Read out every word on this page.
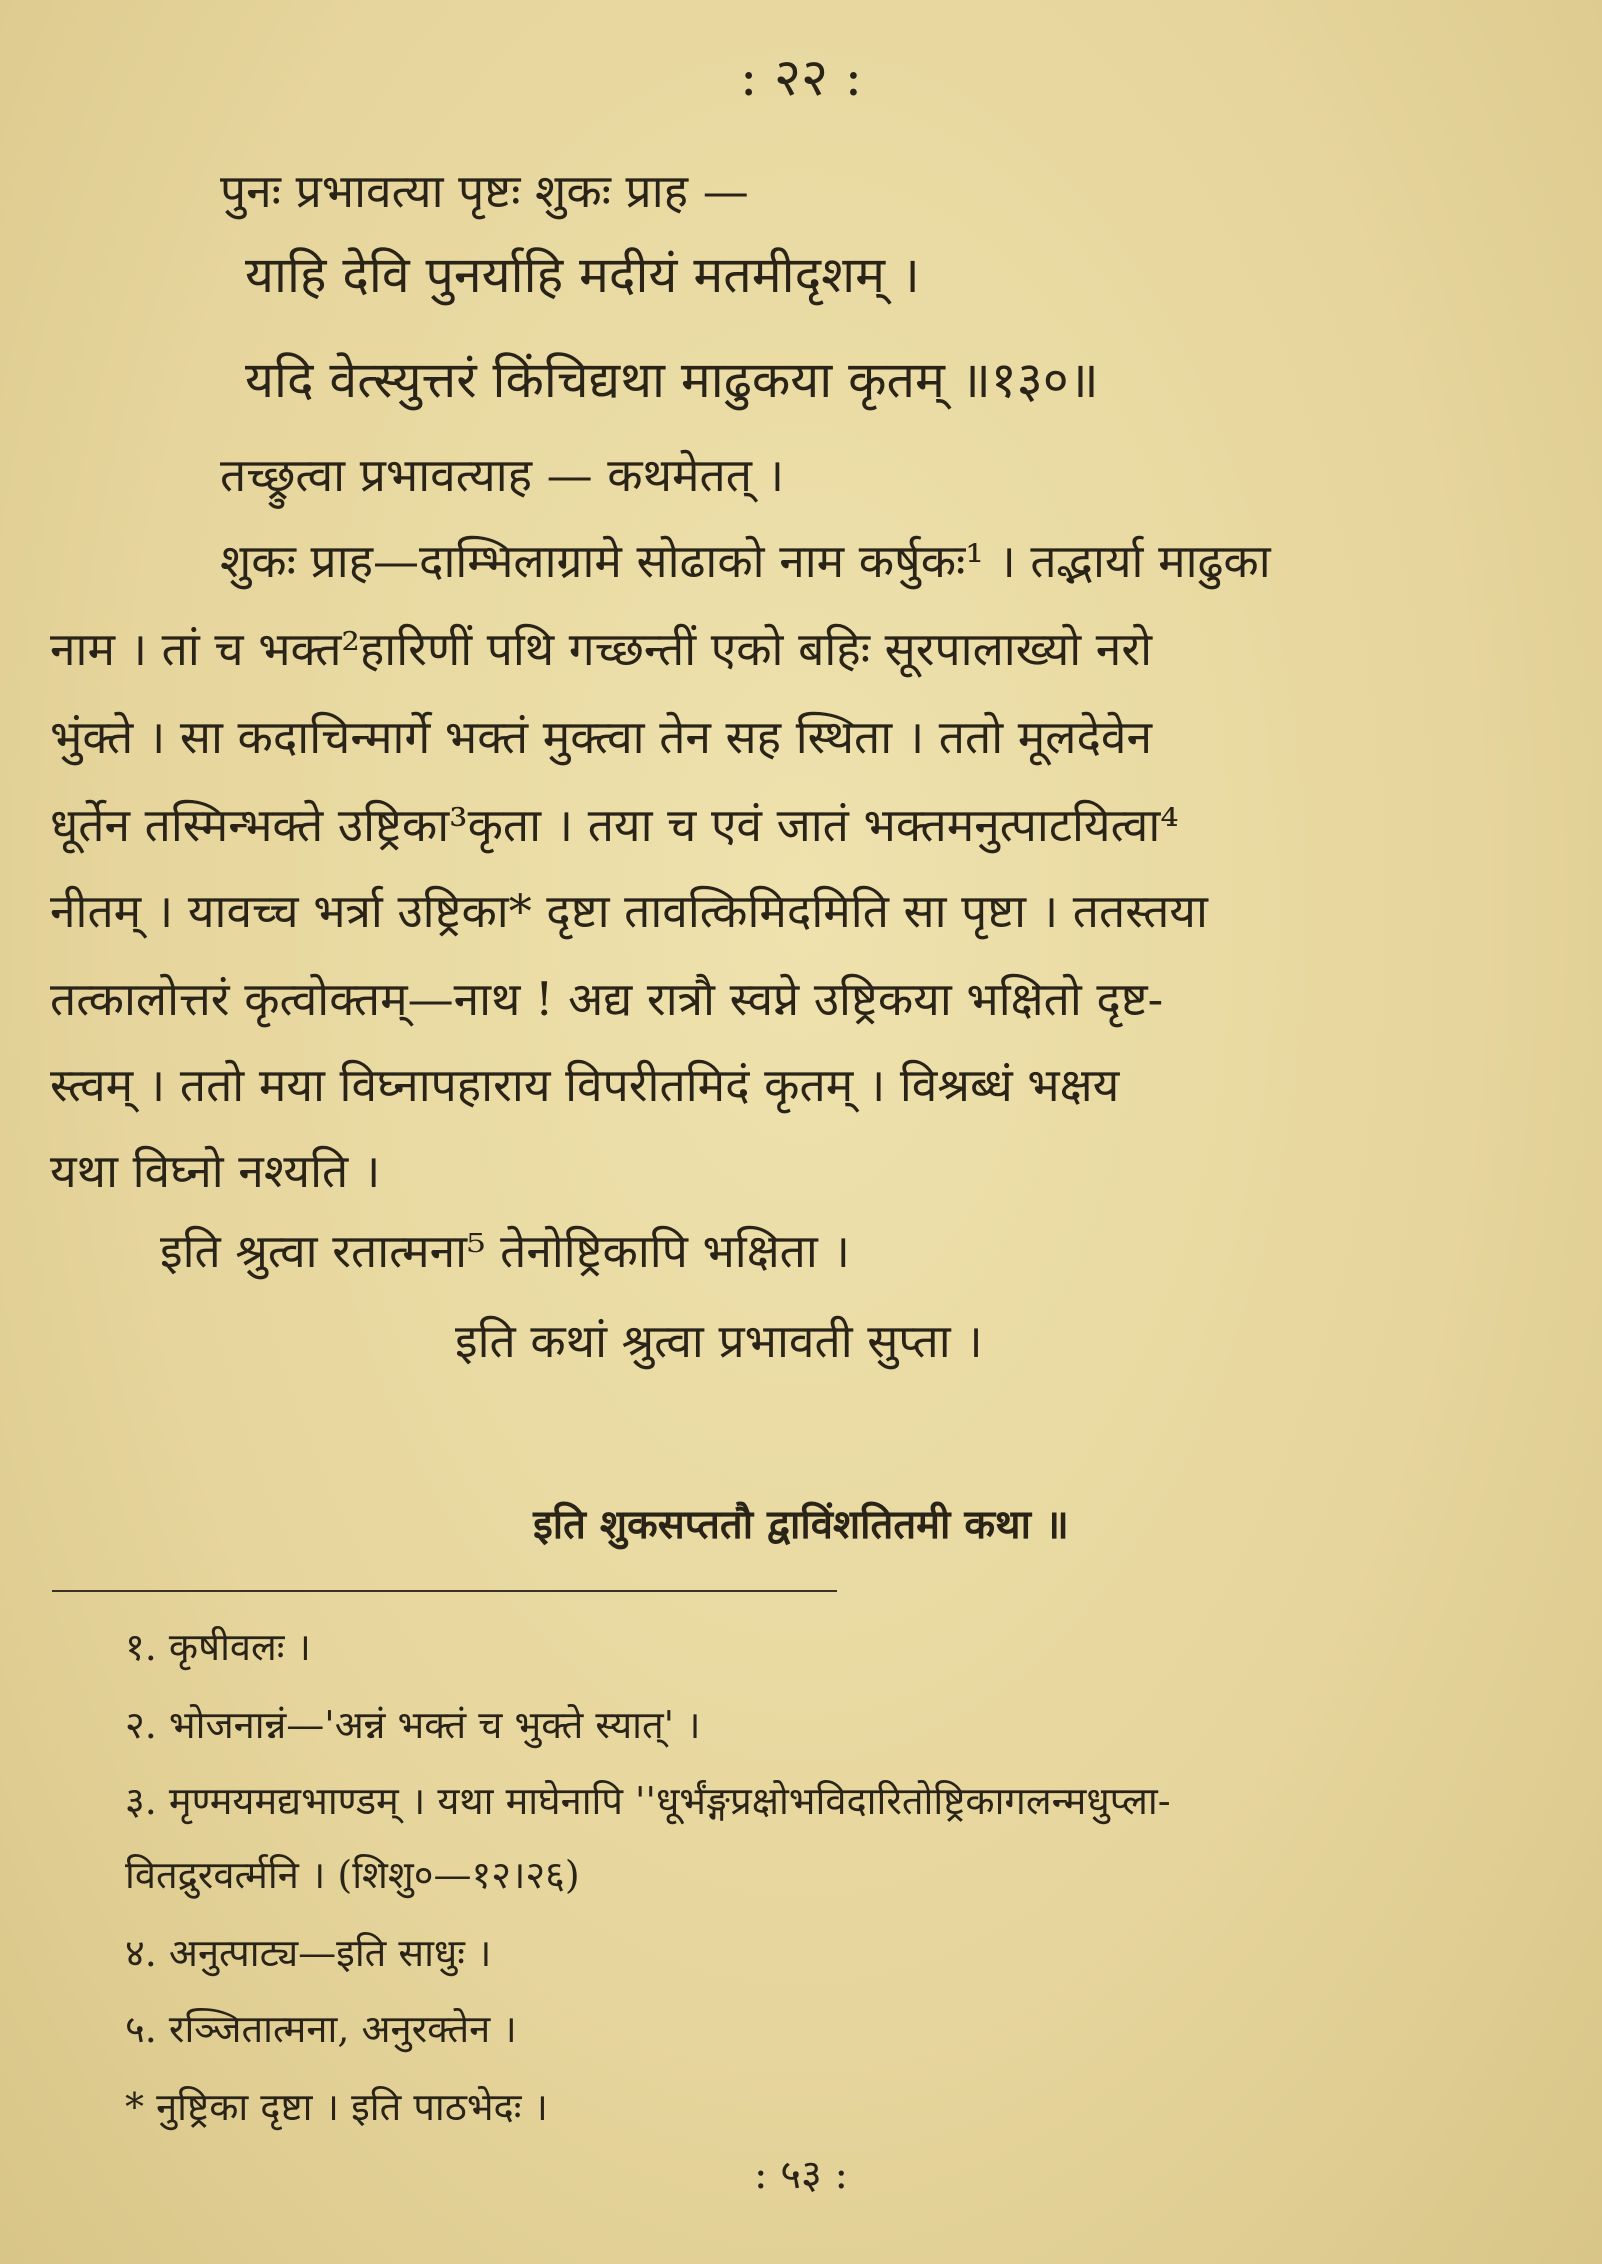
: २२ :
पुनः प्रभावत्या पृष्टः शुकः प्राह —
याहि देवि पुनर्याहि मदीयं मतमीदृशम् ।
यदि वेत्स्युत्तरं किंचिद्यथा माढुकया कृतम् ॥१३०॥
तच्छ्रुत्वा प्रभावत्याह — कथमेतत् ।
शुकः प्राह—दाम्भिलाग्रामे सोढाको नाम कर्षुकः¹ । तद्भार्या माढुका
नाम । तां च भक्त²हारिणीं पथि गच्छन्तीं एको बहिः सूरपालाख्यो नरो
भुंक्ते । सा कदाचिन्मार्गे भक्तं मुक्त्वा तेन सह स्थिता । ततो मूलदेवेन
धूर्तेन तस्मिन्भक्ते उष्ट्रिका³कृता । तया च एवं जातं भक्तमनुत्पाटयित्वा⁴
नीतम् । यावच्च भर्त्रा उष्ट्रिका* दृष्टा तावत्किमिदमिति सा पृष्टा । ततस्तया
तत्कालोत्तरं कृत्वोक्तम्—नाथ ! अद्य रात्रौ स्वप्ने उष्ट्रिकया भक्षितो दृष्ट-
स्त्वम् । ततो मया विघ्नापहाराय विपरीतमिदं कृतम् । विश्रब्धं भक्षय
यथा विघ्नो नश्यति ।
इति श्रुत्वा रतात्मना⁵ तेनोष्ट्रिकापि भक्षिता ।
इति कथां श्रुत्वा प्रभावती सुप्ता ।
इति शुकसप्ततौ द्वाविंशतितमी कथा ॥
१. कृषीवलः ।
२. भोजनान्नं—'अन्नं भक्तं च भुक्ते स्यात्' ।
३. मृण्मयमद्यभाण्डम् । यथा माघेनापि ''धूर्भंङ्गप्रक्षोभविदारितोष्ट्रिकागलन्मधुप्ला-
वितद्रुरवर्त्मनि । (शिशु०—१२।२६)
४. अनुत्पाट्य—इति साधुः ।
५. रञ्जितात्मना, अनुरक्तेन ।
* नुष्ट्रिका दृष्टा । इति पाठभेदः ।
: ५३ :
